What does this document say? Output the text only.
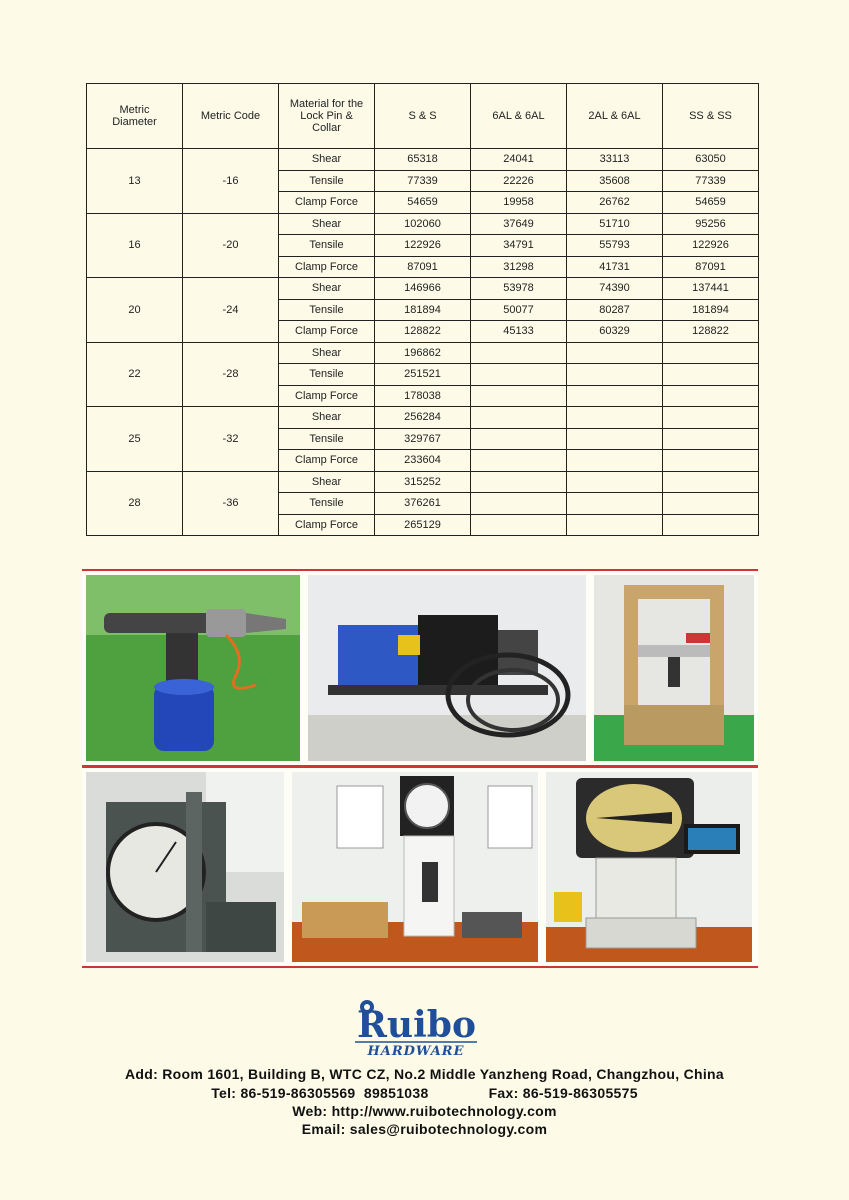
Metric Diameter	Metric Code	Material for the Lock Pin & Collar	S & S	6AL & 6AL	2AL & 6AL	SS & SS
13	-16	Shear	65318	24041	33113	63050
		Tensile	77339	22226	35608	77339
		Clamp Force	54659	19958	26762	54659
16	-20	Shear	102060	37649	51710	95256
		Tensile	122926	34791	55793	122926
		Clamp Force	87091	31298	41731	87091
20	-24	Shear	146966	53978	74390	137441
		Tensile	181894	50077	80287	181894
		Clamp Force	128822	45133	60329	128822
22	-28	Shear	196862			
		Tensile	251521			
		Clamp Force	178038			
25	-32	Shear	256284			
		Tensile	329767			
		Clamp Force	233604			
28	-36	Shear	315252			
		Tensile	376261			
		Clamp Force	265129			
Ruibo
HARDWARE
Add: Room 1601, Building B, WTC CZ, No.2 Middle Yanzheng Road, Changzhou, China
Tel: 86-519-86305569  89851038	Fax: 86-519-86305575
Web: http://www.ruibotechnology.com
Email: sales@ruibotechnology.com
